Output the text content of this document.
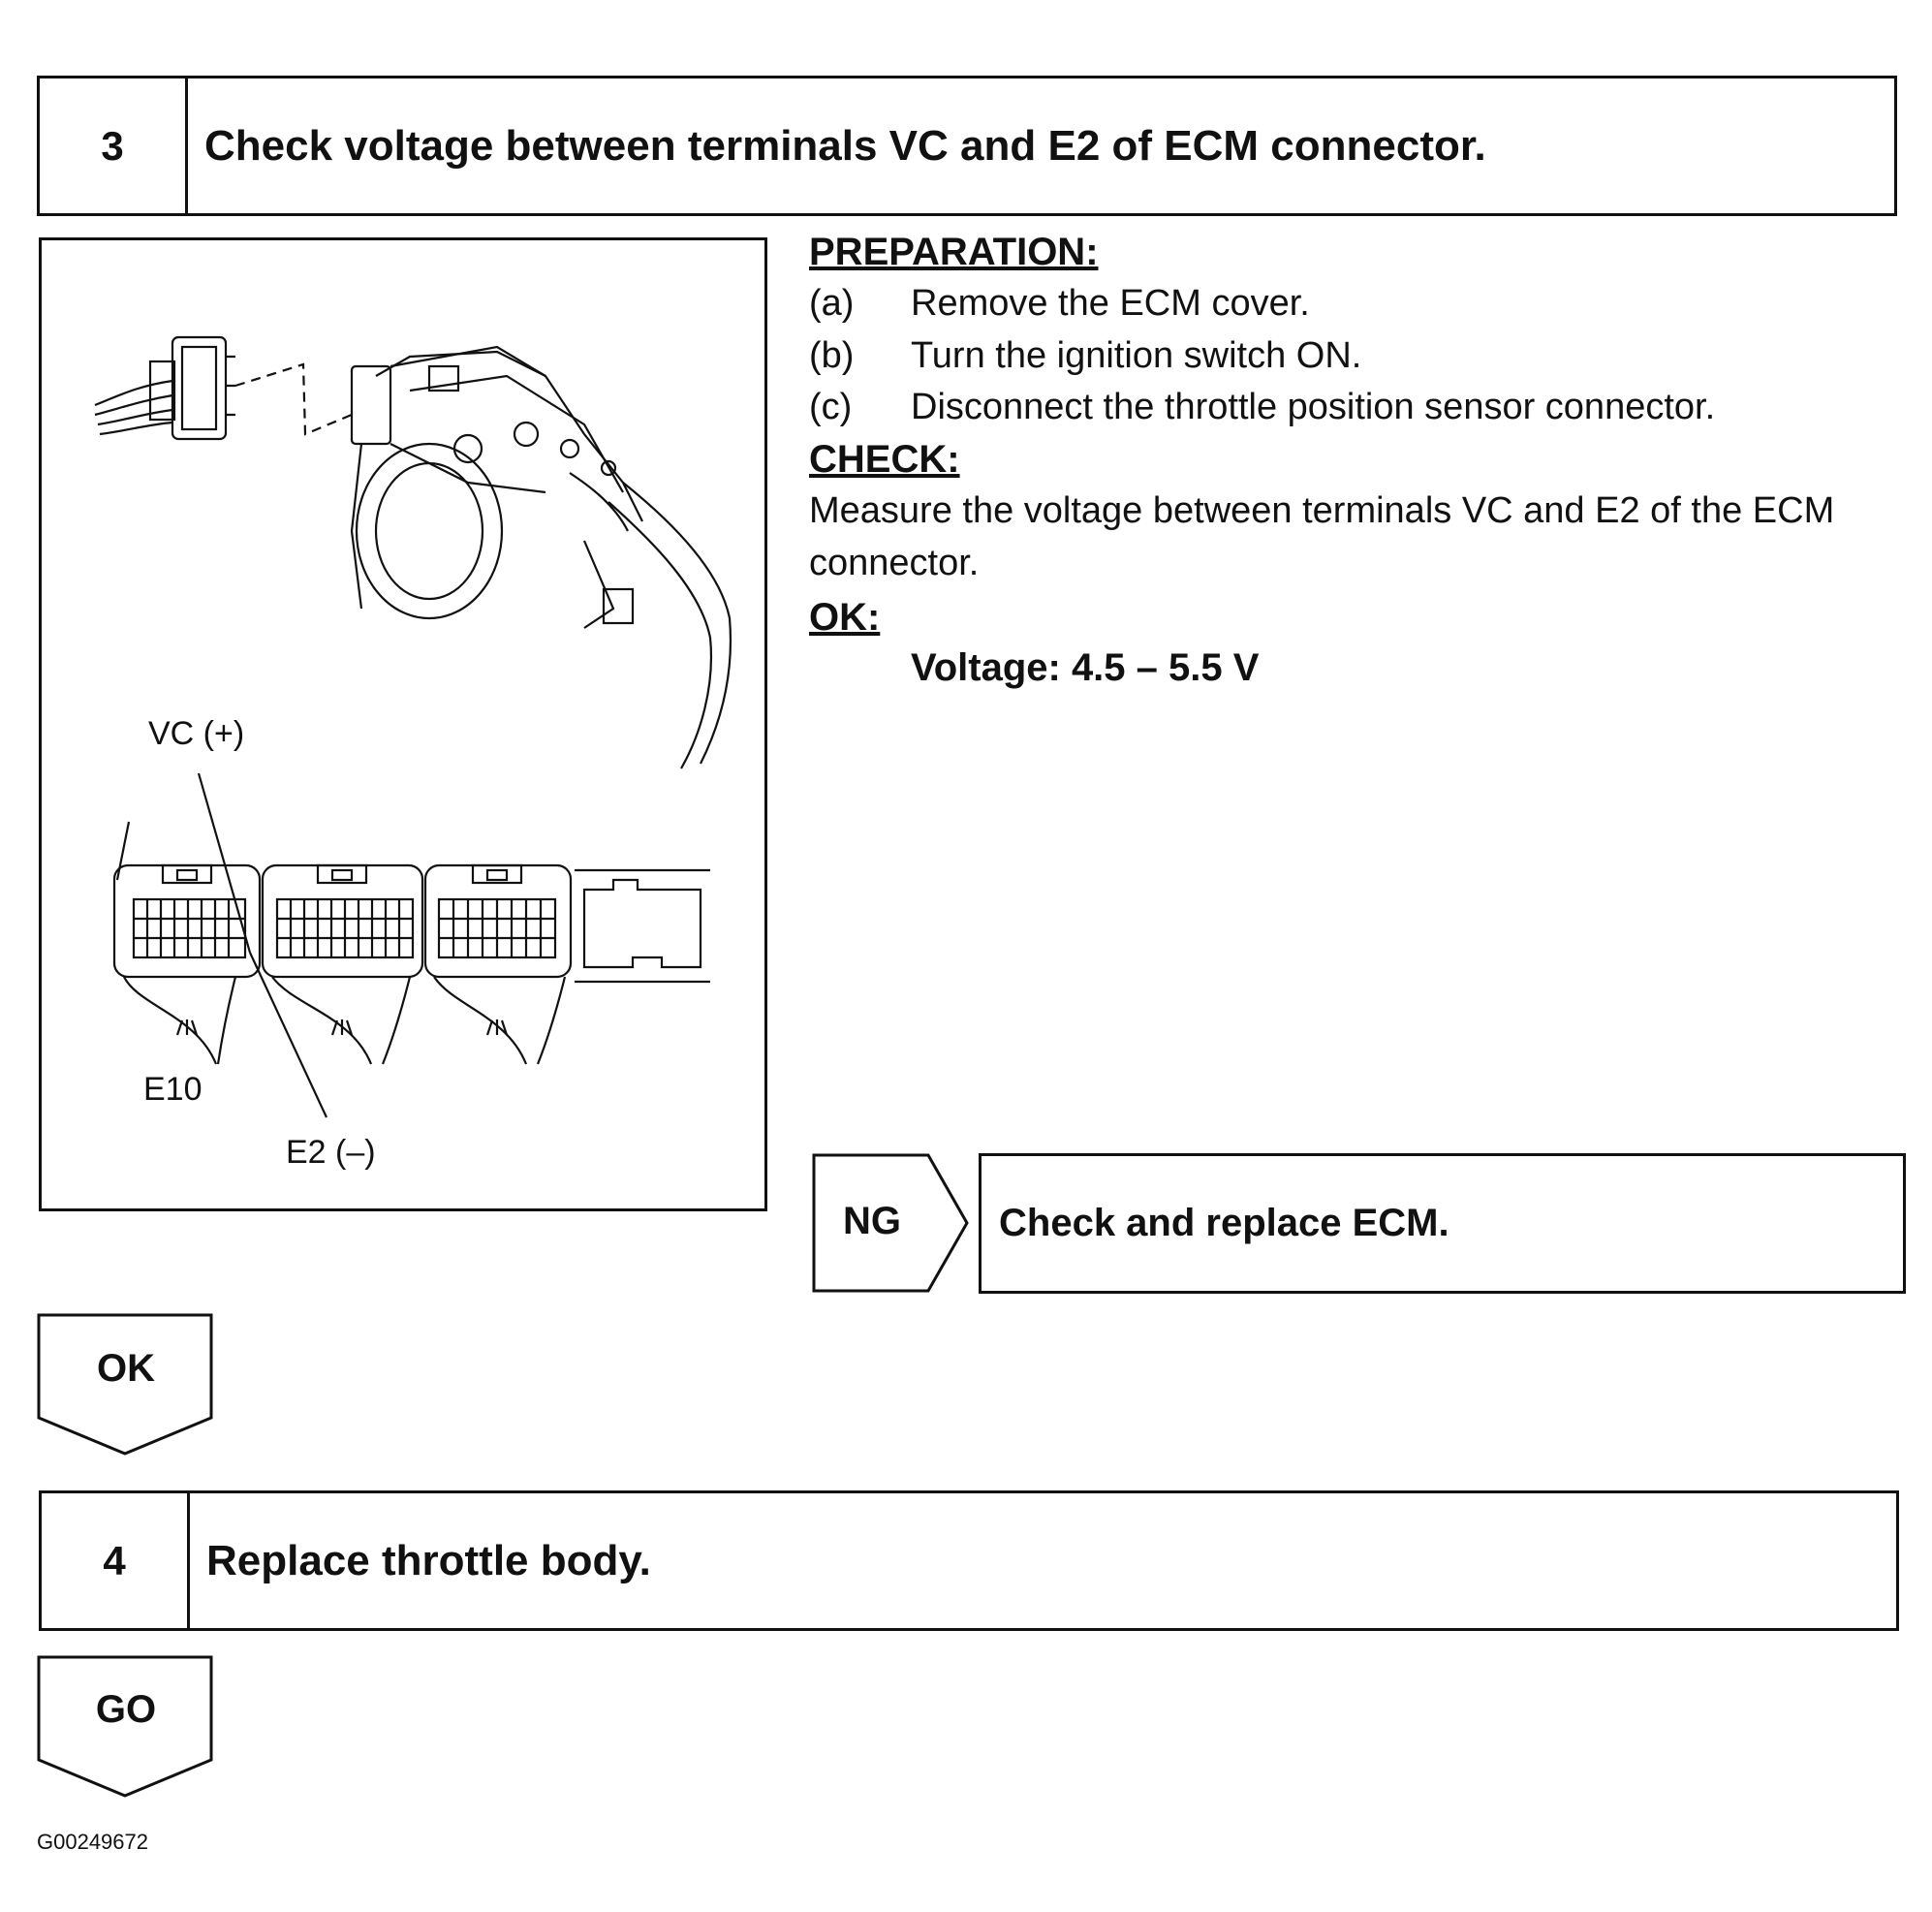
3	Check voltage between terminals VC and E2 of ECM connector.
VC (+)
E10
E2 (–)
PREPARATION:
(a) Remove the ECM cover.
(b) Turn the ignition switch ON.
(c) Disconnect the throttle position sensor connector.
CHECK:
Measure the voltage between terminals VC and E2 of the ECM
connector.
OK:
Voltage: 4.5 – 5.5 V
NG	Check and replace ECM.
OK
4	Replace throttle body.
GO
G00249672
